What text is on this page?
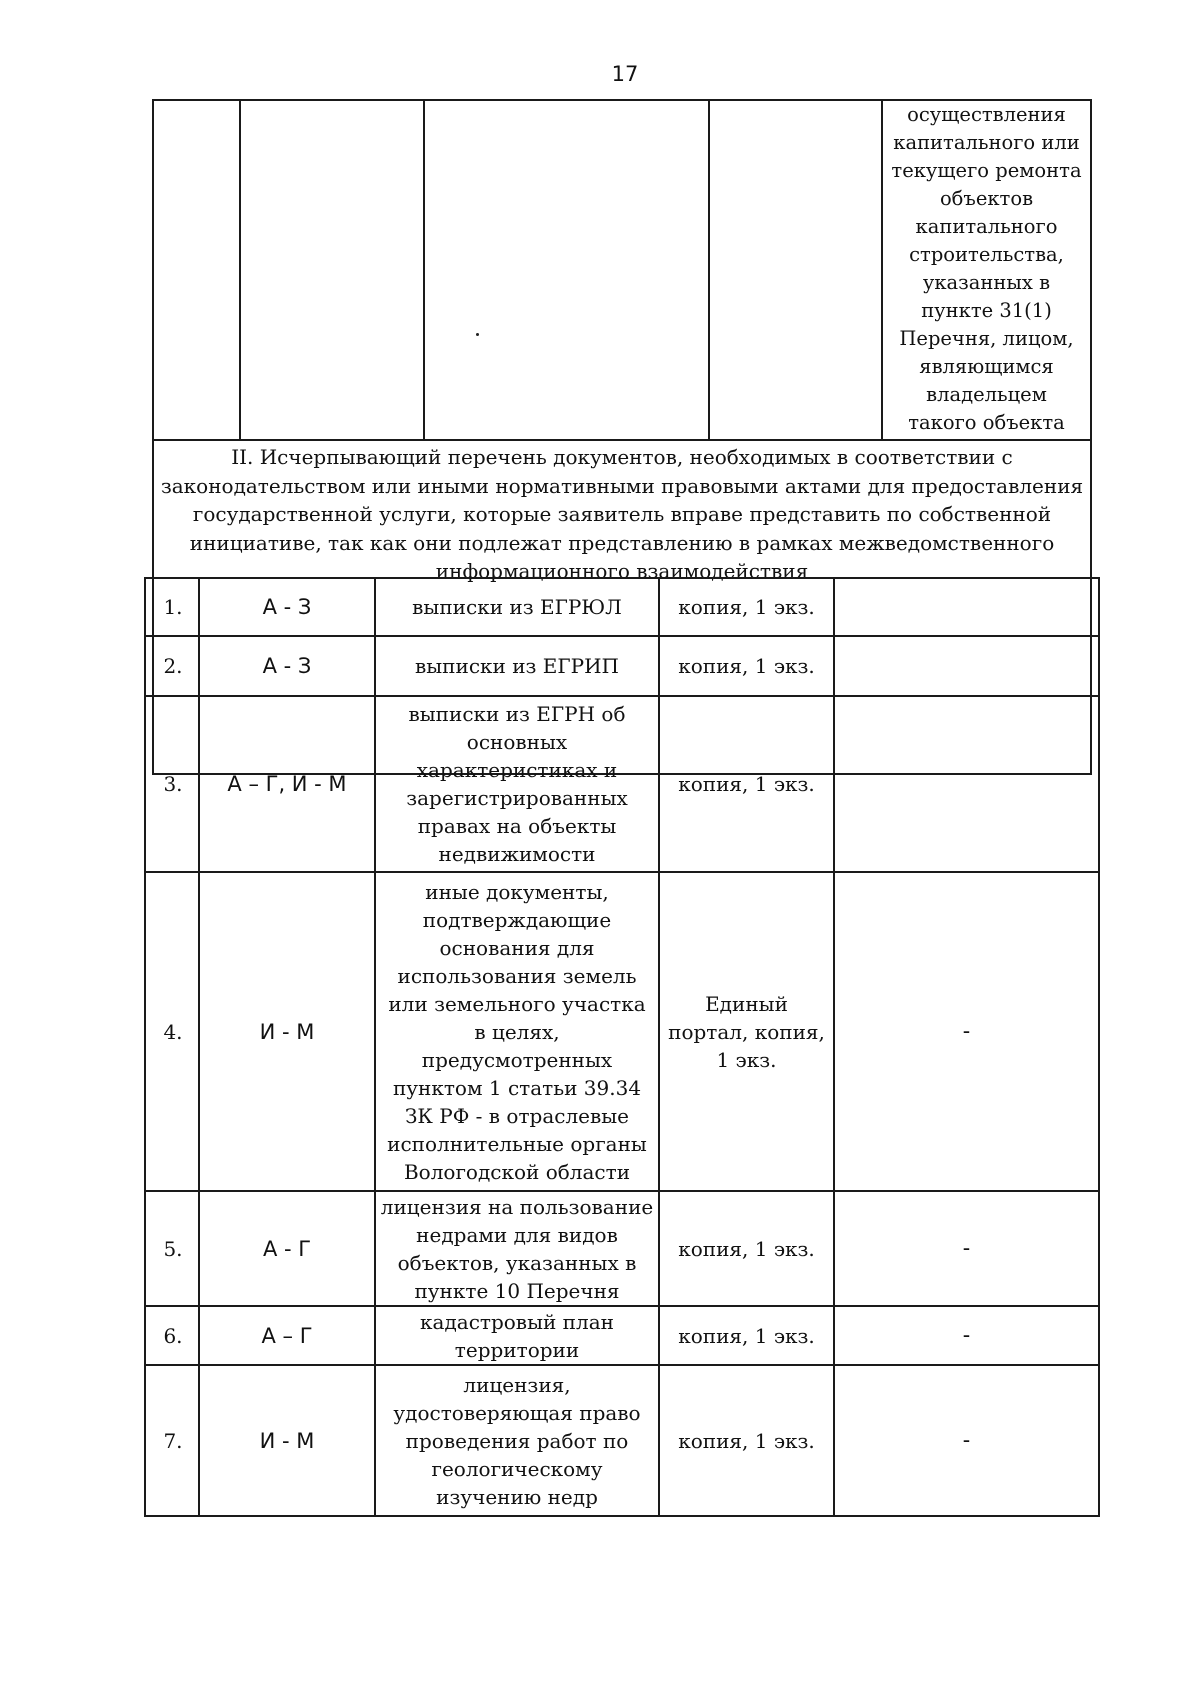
17

осуществления капитального или текущего ремонта объектов капитального строительства, указанных в пункте 31(1) Перечня, лицом, являющимся владельцем такого объекта

II. Исчерпывающий перечень документов, необходимых в соответствии с законодательством или иными нормативными правовыми актами для предоставления государственной услуги, которые заявитель вправе представить по собственной инициативе, так как они подлежат представлению в рамках межведомственного информационного взаимодействия
1.	А - З	выписки из ЕГРЮЛ	копия, 1 экз.	
2.	А - З	выписки из ЕГРИП	копия, 1 экз.	
3.	А – Г, И - М	выписки из ЕГРН об основных характеристиках и зарегистрированных правах на объекты недвижимости	копия, 1 экз.	
4.	И - М	иные документы, подтверждающие основания для использования земель или земельного участка в целях, предусмотренных пунктом 1 статьи 39.34 ЗК РФ - в отраслевые исполнительные органы Вологодской области	Единый портал, копия, 1 экз.	-
5.	А - Г	лицензия на пользование недрами для видов объектов, указанных в пункте 10 Перечня	копия, 1 экз.	-
6.	А – Г	кадастровый план территории	копия, 1 экз.	-
7.	И - М	лицензия, удостоверяющая право проведения работ по геологическому изучению недр	копия, 1 экз.	-
